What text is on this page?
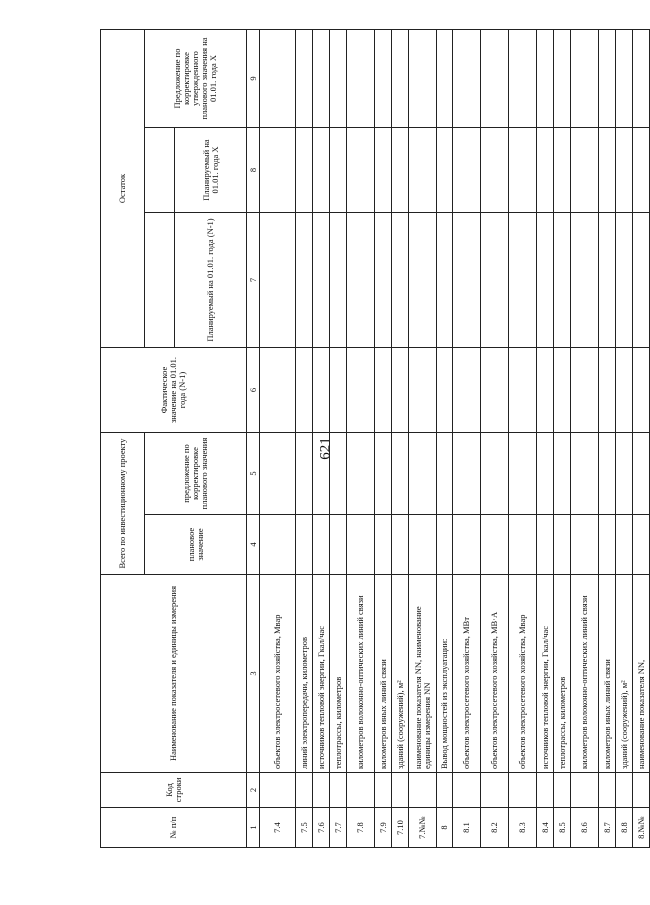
621
№ п/п	Код строки	Наименование показателя и единицы измерения	Всего по инвестиционному проекту		Фактическое значение на 01.01. года (N-1)	Остаток		
			плановое значение	предложение по корректировке планового значения				Предложение по корректировке утвержденного планового значения на 01.01. года X
						Планируемый на 01.01. года (N-1)	Планируемый на 01.01. года X	
1	2	3	4	5	6	7	8	9
7.4		объектов электросетевого хозяйства, Мвар						
7.5		линий электропередачи, километров						
7.6		источников тепловой энергии, Гкал/час						
7.7		теплотрассы, километров						
7.8		километров волоконно-оптических линий связи						
7.9		километров иных линий связи						
7.10		зданий (сооружений), м²						
7.№№		наименование показателя NN, наименование единицы измерения NN						
8		Вывод мощностей из эксплуатации:						
8.1		объектов электросетевого хозяйства, МВт						
8.2		объектов электросетевого хозяйства, МВ·А						
8.3		объектов электросетевого хозяйства, Мвар						
8.4		источников тепловой энергии, Гкал/час						
8.5		теплотрассы, километров						
8.6		километров волоконно-оптических линий связи						
8.7		километров иных линий связи						
8.8		зданий (сооружений), м²						
8.№№		наименование показателя NN,						
